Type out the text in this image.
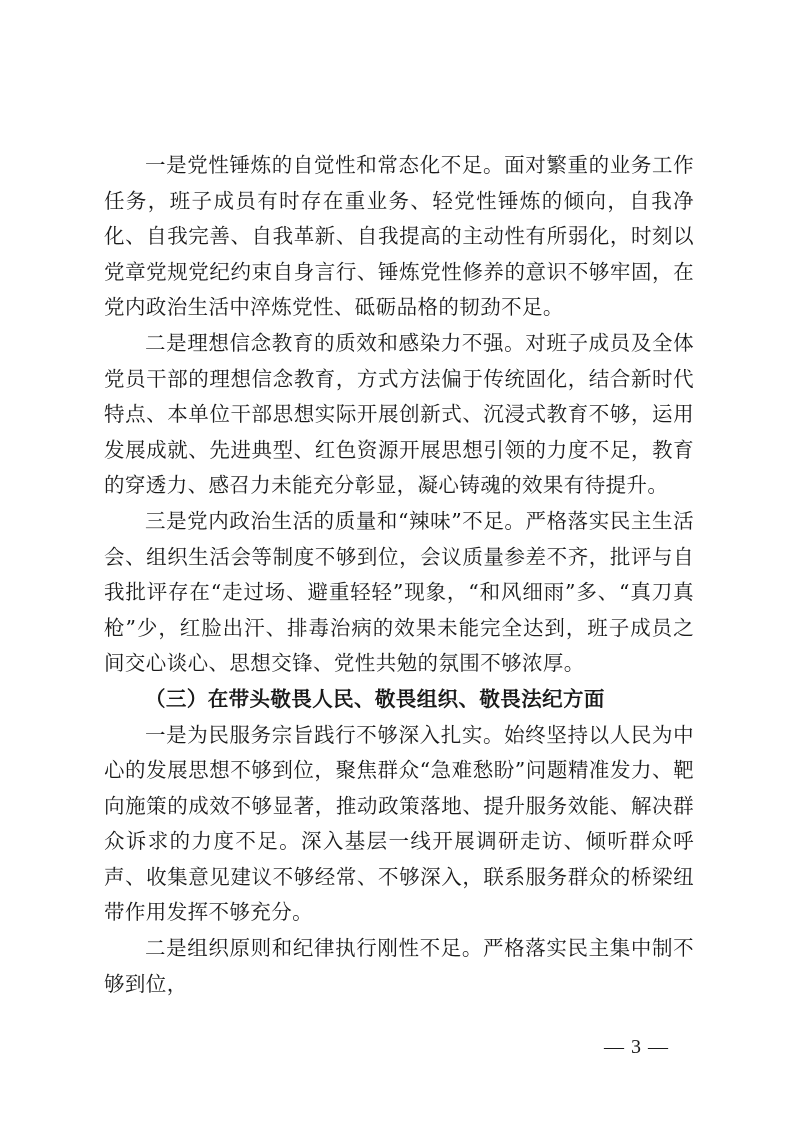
一是党性锤炼的自觉性和常态化不足。面对繁重的业务工作任务，班子成员有时存在重业务、轻党性锤炼的倾向，自我净化、自我完善、自我革新、自我提高的主动性有所弱化，时刻以党章党规党纪约束自身言行、锤炼党性修养的意识不够牢固，在党内政治生活中淬炼党性、砥砺品格的韧劲不足。

二是理想信念教育的质效和感染力不强。对班子成员及全体党员干部的理想信念教育，方式方法偏于传统固化，结合新时代特点、本单位干部思想实际开展创新式、沉浸式教育不够，运用发展成就、先进典型、红色资源开展思想引领的力度不足，教育的穿透力、感召力未能充分彰显，凝心铸魂的效果有待提升。

三是党内政治生活的质量和“辣味”不足。严格落实民主生活会、组织生活会等制度不够到位，会议质量参差不齐，批评与自我批评存在“走过场、避重轻轻”现象，“和风细雨”多、“真刀真枪”少，红脸出汗、排毒治病的效果未能完全达到，班子成员之间交心谈心、思想交锋、党性共勉的氛围不够浓厚。

（三）在带头敬畏人民、敬畏组织、敬畏法纪方面

一是为民服务宗旨践行不够深入扎实。始终坚持以人民为中心的发展思想不够到位，聚焦群众“急难愁盼”问题精准发力、靶向施策的成效不够显著，推动政策落地、提升服务效能、解决群众诉求的力度不足。深入基层一线开展调研走访、倾听群众呼声、收集意见建议不够经常、不够深入，联系服务群众的桥梁纽带作用发挥不够充分。

二是组织原则和纪律执行刚性不足。严格落实民主集中制不够到位，

— 3 —
